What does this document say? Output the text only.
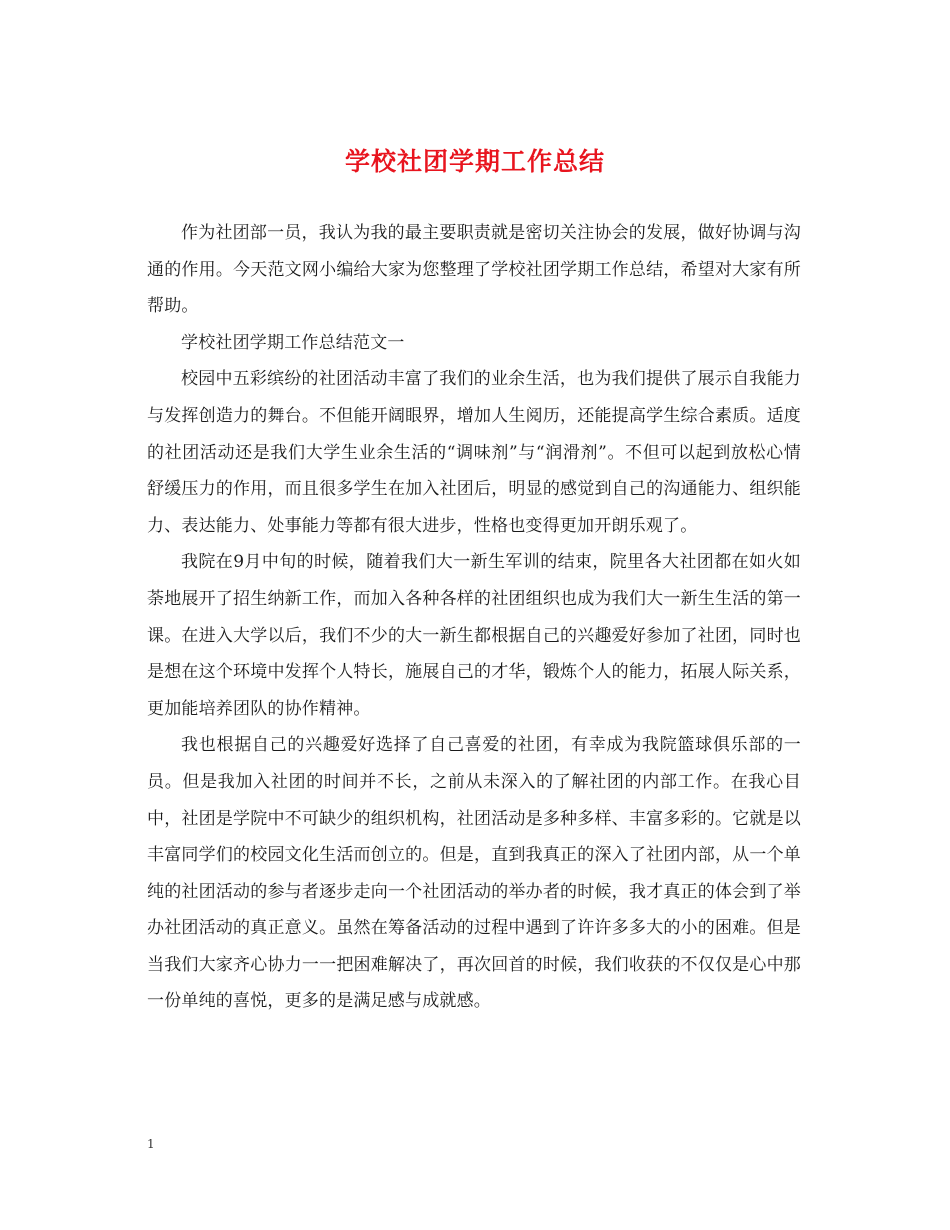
学校社团学期工作总结

作为社团部一员，我认为我的最主要职责就是密切关注协会的发展，做好协调与沟通的作用。今天范文网小编给大家为您整理了学校社团学期工作总结，希望对大家有所帮助。

学校社团学期工作总结范文一

校园中五彩缤纷的社团活动丰富了我们的业余生活，也为我们提供了展示自我能力与发挥创造力的舞台。不但能开阔眼界，增加人生阅历，还能提高学生综合素质。适度的社团活动还是我们大学生业余生活的“调味剂”与“润滑剂”。不但可以起到放松心情舒缓压力的作用，而且很多学生在加入社团后，明显的感觉到自己的沟通能力、组织能力、表达能力、处事能力等都有很大进步，性格也变得更加开朗乐观了。

我院在9月中旬的时候，随着我们大一新生军训的结束，院里各大社团都在如火如荼地展开了招生纳新工作，而加入各种各样的社团组织也成为我们大一新生生活的第一课。在进入大学以后，我们不少的大一新生都根据自己的兴趣爱好参加了社团，同时也是想在这个环境中发挥个人特长，施展自己的才华，锻炼个人的能力，拓展人际关系，更加能培养团队的协作精神。

我也根据自己的兴趣爱好选择了自己喜爱的社团，有幸成为我院篮球俱乐部的一员。但是我加入社团的时间并不长，之前从未深入的了解社团的内部工作。在我心目中，社团是学院中不可缺少的组织机构，社团活动是多种多样、丰富多彩的。它就是以丰富同学们的校园文化生活而创立的。但是，直到我真正的深入了社团内部，从一个单纯的社团活动的参与者逐步走向一个社团活动的举办者的时候，我才真正的体会到了举办社团活动的真正意义。虽然在筹备活动的过程中遇到了许许多多大的小的困难。但是当我们大家齐心协力一一把困难解决了，再次回首的时候，我们收获的不仅仅是心中那一份单纯的喜悦，更多的是满足感与成就感。

1
